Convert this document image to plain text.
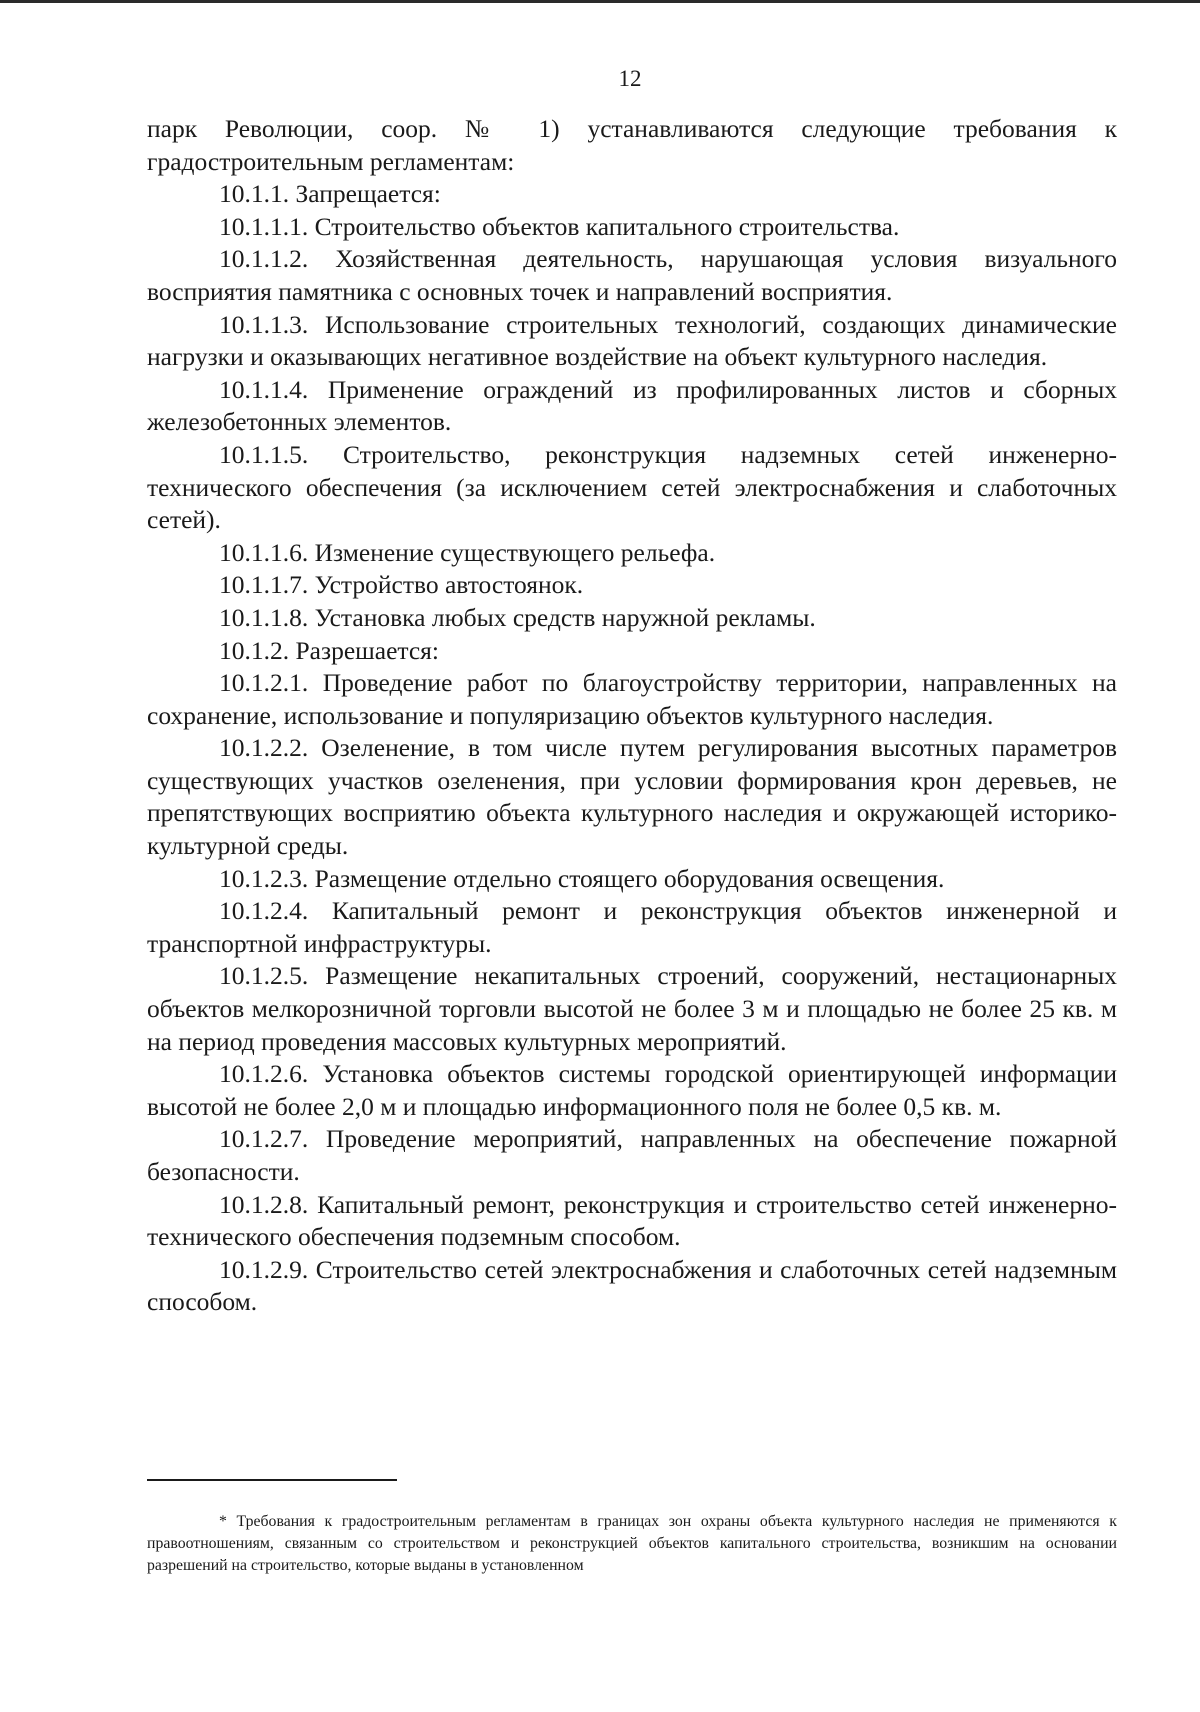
12

парк Революции, соор. № 1) устанавливаются следующие требования к градостроительным регламентам:

10.1.1. Запрещается:

10.1.1.1. Строительство объектов капитального строительства.

10.1.1.2. Хозяйственная деятельность, нарушающая условия визуального восприятия памятника с основных точек и направлений восприятия.

10.1.1.3. Использование строительных технологий, создающих динамические нагрузки и оказывающих негативное воздействие на объект культурного наследия.

10.1.1.4. Применение ограждений из профилированных листов и сборных железобетонных элементов.

10.1.1.5. Строительство, реконструкция надземных сетей инженерно-технического обеспечения (за исключением сетей электроснабжения и слаботочных сетей).

10.1.1.6. Изменение существующего рельефа.

10.1.1.7. Устройство автостоянок.

10.1.1.8. Установка любых средств наружной рекламы.

10.1.2. Разрешается:

10.1.2.1. Проведение работ по благоустройству территории, направленных на сохранение, использование и популяризацию объектов культурного наследия.

10.1.2.2. Озеленение, в том числе путем регулирования высотных параметров существующих участков озеленения, при условии формирования крон деревьев, не препятствующих восприятию объекта культурного наследия и окружающей историко-культурной среды.

10.1.2.3. Размещение отдельно стоящего оборудования освещения.

10.1.2.4. Капитальный ремонт и реконструкция объектов инженерной и транспортной инфраструктуры.

10.1.2.5. Размещение некапитальных строений, сооружений, нестационарных объектов мелкорозничной торговли высотой не более 3 м и площадью не более 25 кв. м на период проведения массовых культурных мероприятий.

10.1.2.6. Установка объектов системы городской ориентирующей информации высотой не более 2,0 м и площадью информационного поля не более 0,5 кв. м.

10.1.2.7. Проведение мероприятий, направленных на обеспечение пожарной безопасности.

10.1.2.8. Капитальный ремонт, реконструкция и строительство сетей инженерно-технического обеспечения подземным способом.

10.1.2.9. Строительство сетей электроснабжения и слаботочных сетей надземным способом.

* Требования к градостроительным регламентам в границах зон охраны объекта культурного наследия не применяются к правоотношениям, связанным со строительством и реконструкцией объектов капитального строительства, возникшим на основании разрешений на строительство, которые выданы в установленном
